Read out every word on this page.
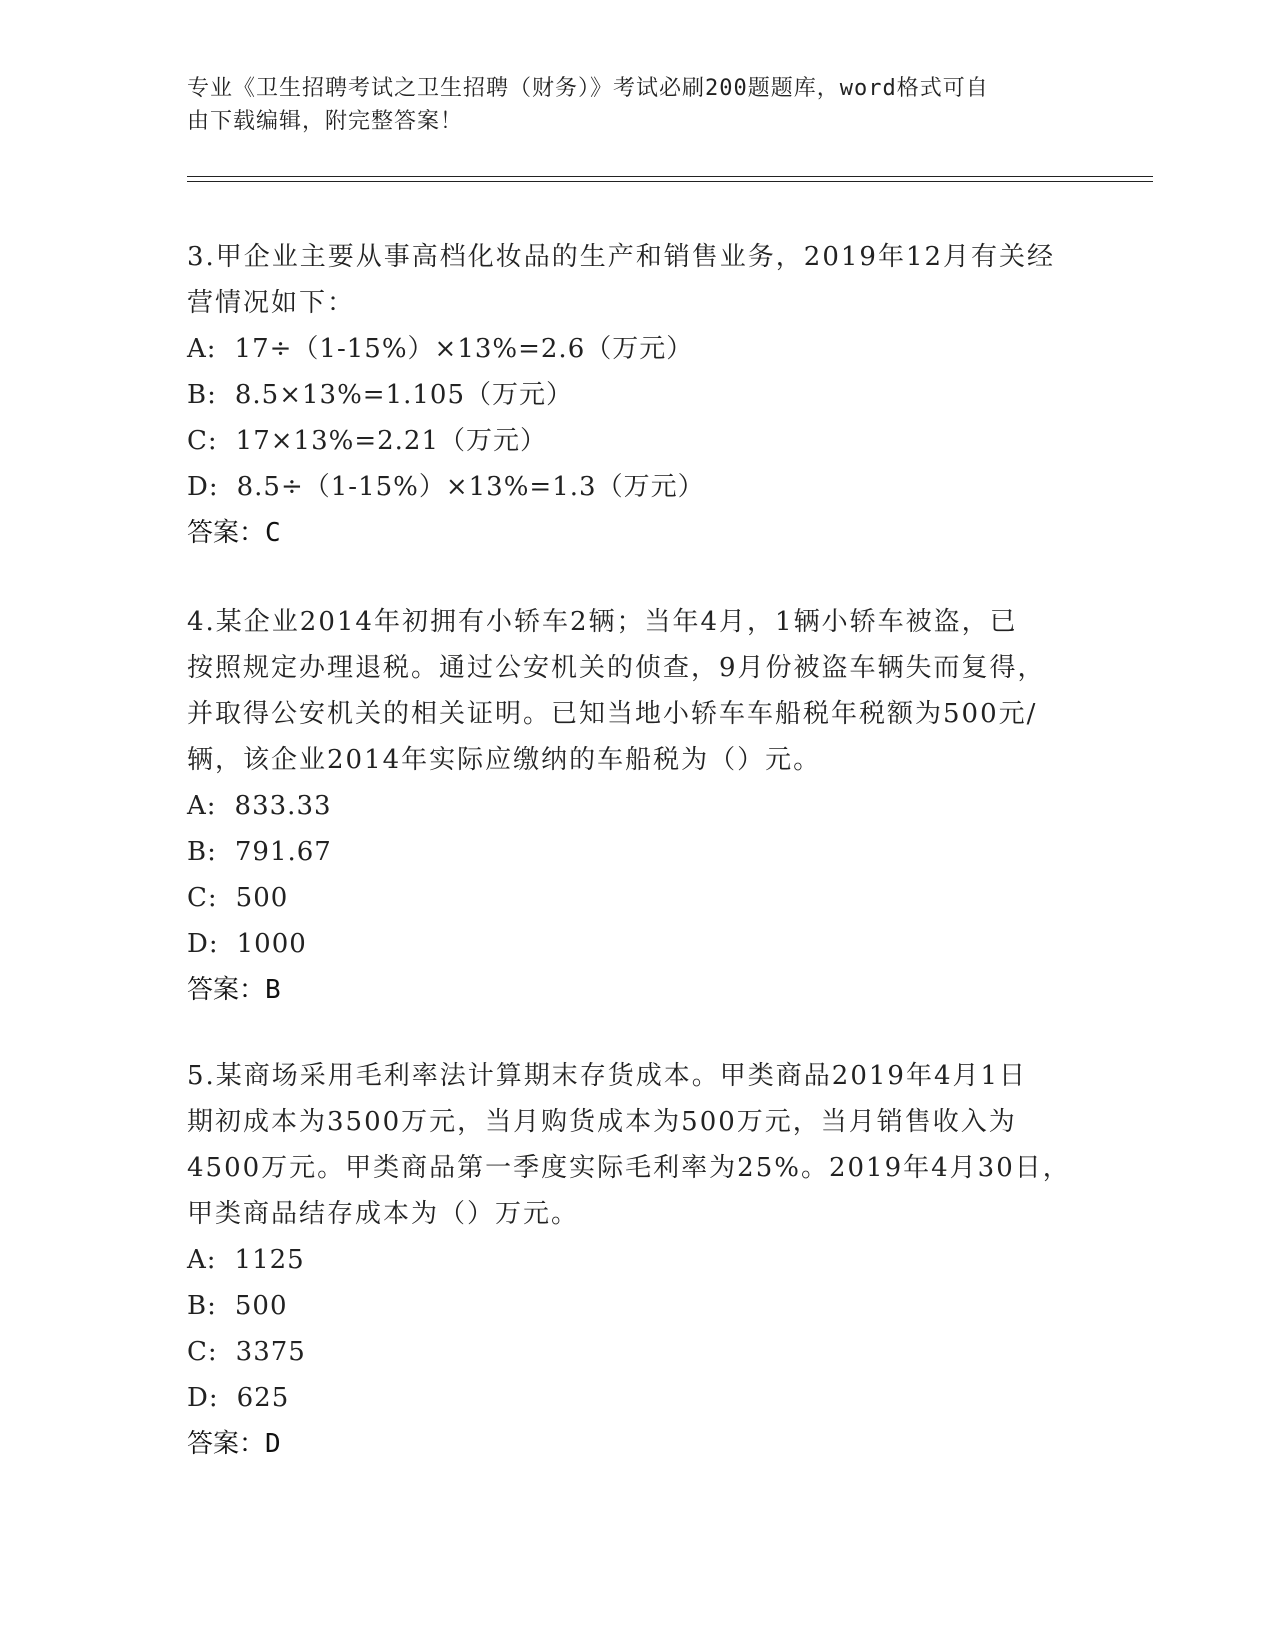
专业《卫生招聘考试之卫生招聘（财务）》考试必刷200题题库，word格式可自
由下载编辑，附完整答案！
3.甲企业主要从事高档化妆品的生产和销售业务，2019年12月有关经
营情况如下：
A: 17÷（1-15%）×13%=2.6（万元）
B: 8.5×13%=1.105（万元）
C: 17×13%=2.21（万元）
D: 8.5÷（1-15%）×13%=1.3（万元）
答案：C
4.某企业2014年初拥有小轿车2辆；当年4月，1辆小轿车被盗，已
按照规定办理退税。通过公安机关的侦查，9月份被盗车辆失而复得，
并取得公安机关的相关证明。已知当地小轿车车船税年税额为500元/
辆，该企业2014年实际应缴纳的车船税为（）元。
A: 833.33
B: 791.67
C: 500
D: 1000
答案：B
5.某商场采用毛利率法计算期末存货成本。甲类商品2019年4月1日
期初成本为3500万元，当月购货成本为500万元，当月销售收入为
4500万元。甲类商品第一季度实际毛利率为25%。2019年4月30日，
甲类商品结存成本为（）万元。
A: 1125
B: 500
C: 3375
D: 625
答案：D
